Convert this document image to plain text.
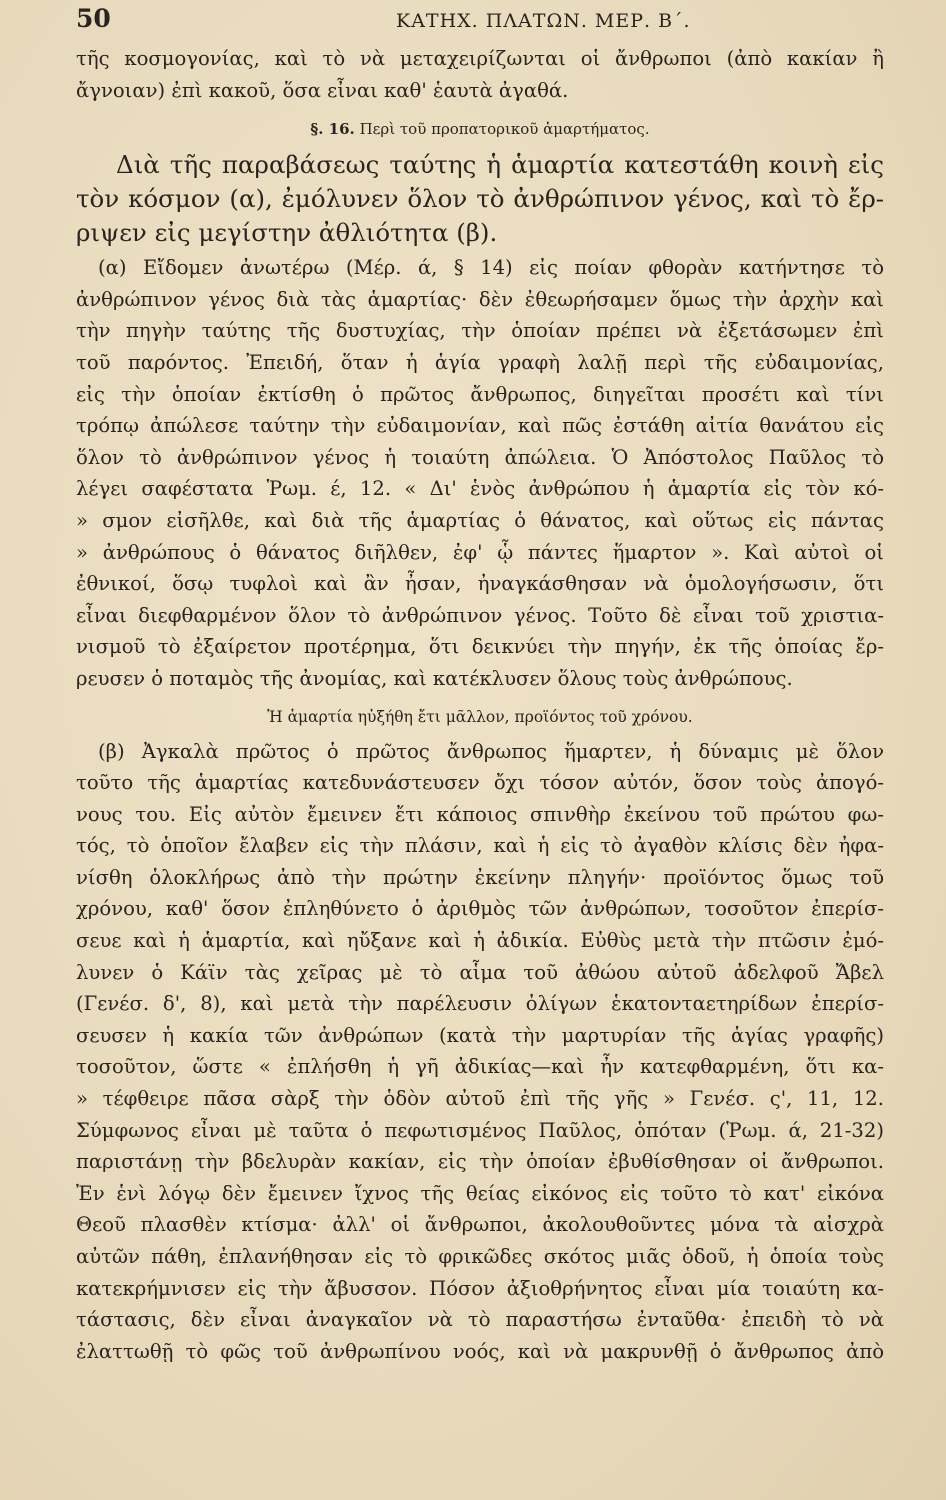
50	ΚΑΤΗΧ. ΠΛΑΤΩΝ. ΜΕΡ. Β΄.
τῆς κοσμογονίας, καὶ τὸ νὰ μεταχειρίζωνται οἱ ἄνθρωποι (ἀπὸ κακίαν ἢ
ἄγνοιαν) ἐπὶ κακοῦ, ὅσα εἶναι καθ' ἑαυτὰ ἀγαθά.
§. 16. Περὶ τοῦ προπατορικοῦ ἁμαρτήματος.
Διὰ τῆς παραβάσεως ταύτης ἡ ἁμαρτία κατεστάθη κοινὴ εἰς
τὸν κόσμον (α), ἐμόλυνεν ὅλον τὸ ἀνθρώπινον γένος, καὶ τὸ ἔρ-
ριψεν εἰς μεγίστην ἀθλιότητα (β).
(α) Εἴδομεν ἀνωτέρω (Μέρ. ά, § 14) εἰς ποίαν φθορὰν κατήντησε τὸ
ἀνθρώπινον γένος διὰ τὰς ἁμαρτίας· δὲν ἐθεωρήσαμεν ὅμως τὴν ἀρχὴν καὶ
τὴν πηγὴν ταύτης τῆς δυστυχίας, τὴν ὁποίαν πρέπει νὰ ἐξετάσωμεν ἐπὶ
τοῦ παρόντος. Ἐπειδή, ὅταν ἡ ἁγία γραφὴ λαλῇ περὶ τῆς εὐδαιμονίας,
εἰς τὴν ὁποίαν ἐκτίσθη ὁ πρῶτος ἄνθρωπος, διηγεῖται προσέτι καὶ τίνι
τρόπῳ ἀπώλεσε ταύτην τὴν εὐδαιμονίαν, καὶ πῶς ἐστάθη αἰτία θανάτου εἰς
ὅλον τὸ ἀνθρώπινον γένος ἡ τοιαύτη ἀπώλεια. Ὁ Ἀπόστολος Παῦλος τὸ
λέγει σαφέστατα Ῥωμ. έ, 12. « Δι' ἑνὸς ἀνθρώπου ἡ ἁμαρτία εἰς τὸν κό-
» σμον εἰσῆλθε, καὶ διὰ τῆς ἁμαρτίας ὁ θάνατος, καὶ οὕτως εἰς πάντας
» ἀνθρώπους ὁ θάνατος διῆλθεν, ἐφ' ᾧ πάντες ἥμαρτον ». Καὶ αὐτοὶ οἱ
ἐθνικοί, ὅσῳ τυφλοὶ καὶ ἂν ἦσαν, ἠναγκάσθησαν νὰ ὁμολογήσωσιν, ὅτι
εἶναι διεφθαρμένον ὅλον τὸ ἀνθρώπινον γένος. Τοῦτο δὲ εἶναι τοῦ χριστια-
νισμοῦ τὸ ἐξαίρετον προτέρημα, ὅτι δεικνύει τὴν πηγήν, ἐκ τῆς ὁποίας ἔρ-
ρευσεν ὁ ποταμὸς τῆς ἀνομίας, καὶ κατέκλυσεν ὅλους τοὺς ἀνθρώπους.
Ἡ ἁμαρτία ηὐξήθη ἔτι μᾶλλον, προϊόντος τοῦ χρόνου.
(β) Ἀγκαλὰ πρῶτος ὁ πρῶτος ἄνθρωπος ἥμαρτεν, ἡ δύναμις μὲ ὅλον
τοῦτο τῆς ἁμαρτίας κατεδυνάστευσεν ὄχι τόσον αὐτόν, ὅσον τοὺς ἀπογό-
νους του. Εἰς αὐτὸν ἔμεινεν ἔτι κάποιος σπινθὴρ ἐκείνου τοῦ πρώτου φω-
τός, τὸ ὁποῖον ἔλαβεν εἰς τὴν πλάσιν, καὶ ἡ εἰς τὸ ἀγαθὸν κλίσις δὲν ἠφα-
νίσθη ὁλοκλήρως ἀπὸ τὴν πρώτην ἐκείνην πληγήν· προϊόντος ὅμως τοῦ
χρόνου, καθ' ὅσον ἐπληθύνετο ὁ ἀριθμὸς τῶν ἀνθρώπων, τοσοῦτον ἐπερίσ-
σευε καὶ ἡ ἁμαρτία, καὶ ηὔξανε καὶ ἡ ἀδικία. Εὐθὺς μετὰ τὴν πτῶσιν ἐμό-
λυνεν ὁ Κάϊν τὰς χεῖρας μὲ τὸ αἷμα τοῦ ἀθώου αὐτοῦ ἀδελφοῦ Ἄβελ
(Γενέσ. δ', 8), καὶ μετὰ τὴν παρέλευσιν ὀλίγων ἑκατονταετηρίδων ἐπερίσ-
σευσεν ἡ κακία τῶν ἀνθρώπων (κατὰ τὴν μαρτυρίαν τῆς ἁγίας γραφῆς)
τοσοῦτον, ὥστε « ἐπλήσθη ἡ γῆ ἀδικίας—καὶ ἦν κατεφθαρμένη, ὅτι κα-
» τέφθειρε πᾶσα σὰρξ τὴν ὁδὸν αὐτοῦ ἐπὶ τῆς γῆς » Γενέσ. ς', 11, 12.
Σύμφωνος εἶναι μὲ ταῦτα ὁ πεφωτισμένος Παῦλος, ὁπόταν (Ῥωμ. ά, 21-32)
παριστάνῃ τὴν βδελυρὰν κακίαν, εἰς τὴν ὁποίαν ἐβυθίσθησαν οἱ ἄνθρωποι.
Ἐν ἑνὶ λόγῳ δὲν ἔμεινεν ἴχνος τῆς θείας εἰκόνος εἰς τοῦτο τὸ κατ' εἰκόνα
Θεοῦ πλασθὲν κτίσμα· ἀλλ' οἱ ἄνθρωποι, ἀκολουθοῦντες μόνα τὰ αἰσχρὰ
αὐτῶν πάθη, ἐπλανήθησαν εἰς τὸ φρικῶδες σκότος μιᾶς ὁδοῦ, ἡ ὁποία τοὺς
κατεκρήμνισεν εἰς τὴν ἄβυσσον. Πόσον ἀξιοθρήνητος εἶναι μία τοιαύτη κα-
τάστασις, δὲν εἶναι ἀναγκαῖον νὰ τὸ παραστήσω ἐνταῦθα· ἐπειδὴ τὸ νὰ
ἐλαττωθῇ τὸ φῶς τοῦ ἀνθρωπίνου νοός, καὶ νὰ μακρυνθῇ ὁ ἄνθρωπος ἀπὸ
